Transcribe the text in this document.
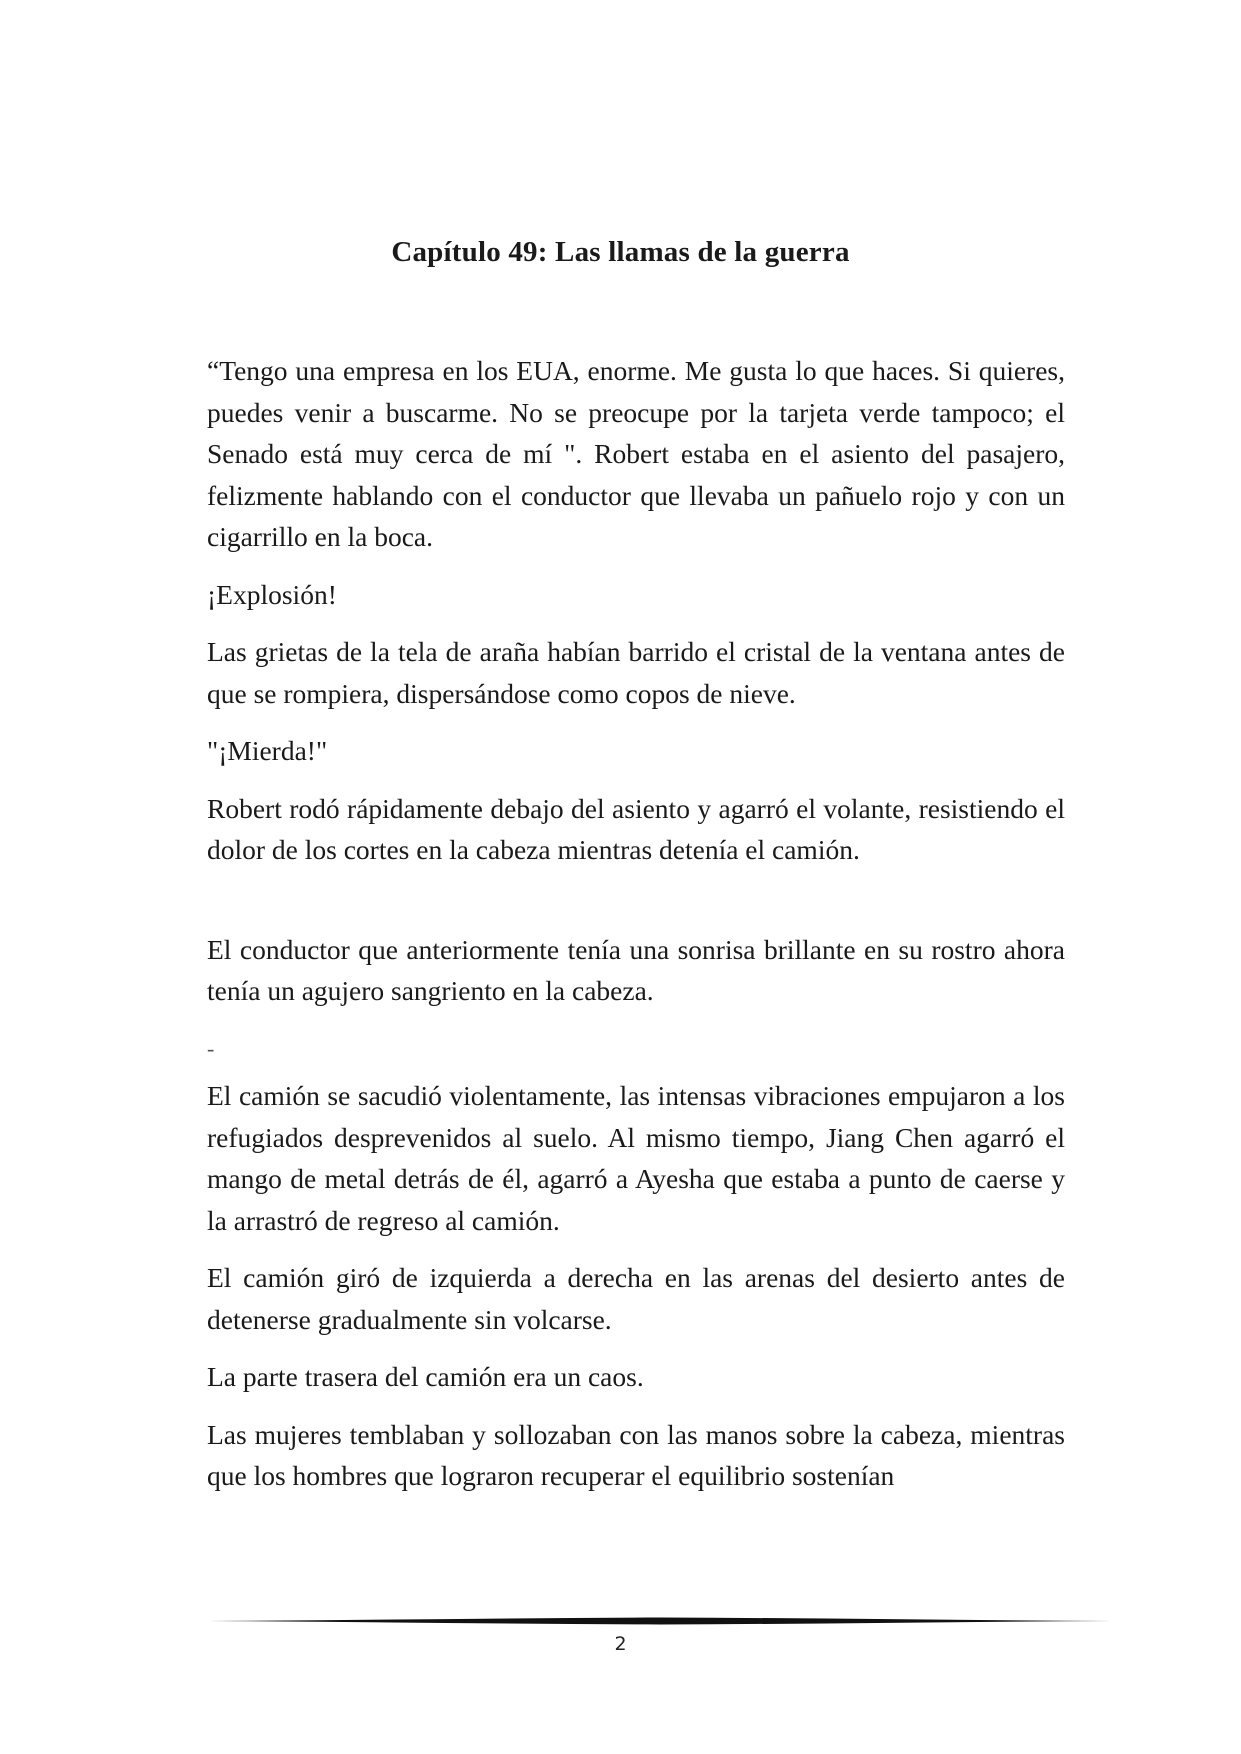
Capítulo 49: Las llamas de la guerra

“Tengo una empresa en los EUA, enorme. Me gusta lo que haces. Si quieres, puedes venir a buscarme. No se preocupe por la tarjeta verde tampoco; el Senado está muy cerca de mí ". Robert estaba en el asiento del pasajero, felizmente hablando con el conductor que llevaba un pañuelo rojo y con un cigarrillo en la boca.

¡Explosión!

Las grietas de la tela de araña habían barrido el cristal de la ventana antes de que se rompiera, dispersándose como copos de nieve.

"¡Mierda!"

Robert rodó rápidamente debajo del asiento y agarró el volante, resistiendo el dolor de los cortes en la cabeza mientras detenía el camión.

El conductor que anteriormente tenía una sonrisa brillante en su rostro ahora tenía un agujero sangriento en la cabeza.

-

El camión se sacudió violentamente, las intensas vibraciones empujaron a los refugiados desprevenidos al suelo. Al mismo tiempo, Jiang Chen agarró el mango de metal detrás de él, agarró a Ayesha que estaba a punto de caerse y la arrastró de regreso al camión.

El camión giró de izquierda a derecha en las arenas del desierto antes de detenerse gradualmente sin volcarse.

La parte trasera del camión era un caos.

Las mujeres temblaban y sollozaban con las manos sobre la cabeza, mientras que los hombres que lograron recuperar el equilibrio sostenían

2
